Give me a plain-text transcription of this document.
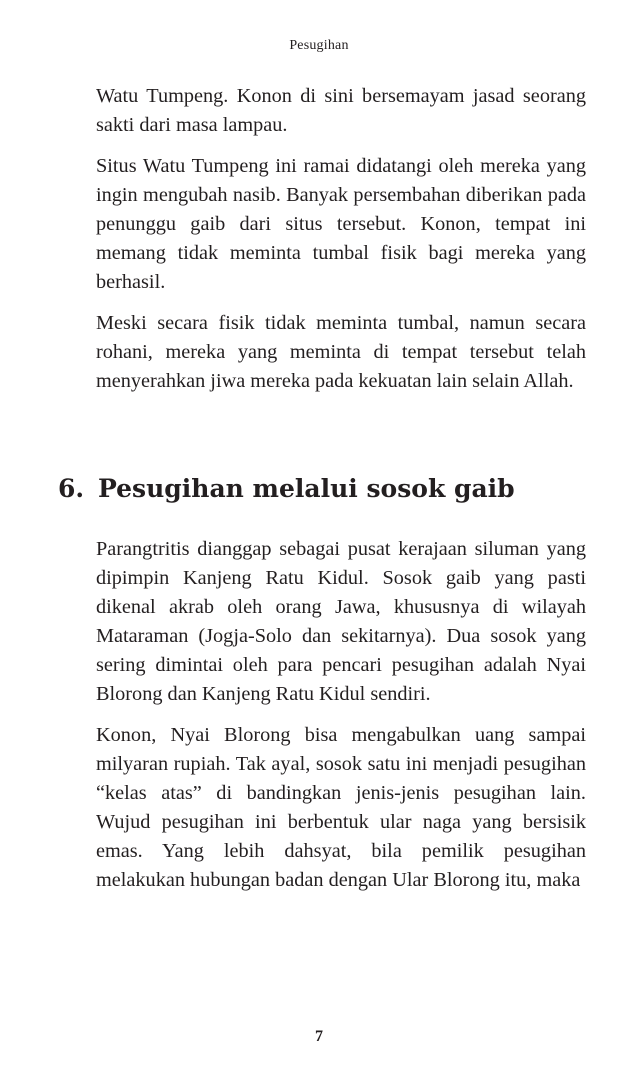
Pesugihan

Watu Tumpeng. Konon di sini bersemayam jasad seorang sakti dari masa lampau.

Situs Watu Tumpeng ini ramai didatangi oleh mereka yang ingin mengubah nasib. Banyak persembahan diberikan pada penunggu gaib dari situs tersebut. Konon, tempat ini memang tidak meminta tumbal fisik bagi mereka yang berhasil.

Meski secara fisik tidak meminta tumbal, namun secara rohani, mereka yang meminta di tempat tersebut telah menyerahkan jiwa mereka pada kekuatan lain selain Allah.

6. Pesugihan melalui sosok gaib

Parangtritis dianggap sebagai pusat kerajaan siluman yang dipimpin Kanjeng Ratu Kidul. Sosok gaib yang pasti dikenal akrab oleh orang Jawa, khususnya di wilayah Mataraman (Jogja-Solo dan sekitarnya). Dua sosok yang sering dimintai oleh para pencari pesugihan adalah Nyai Blorong dan Kanjeng Ratu Kidul sendiri.

Konon, Nyai Blorong bisa mengabulkan uang sampai milyaran rupiah. Tak ayal, sosok satu ini menjadi pesugihan “kelas atas” di bandingkan jenis-jenis pesugihan lain. Wujud pesugihan ini berbentuk ular naga yang bersisik emas. Yang lebih dahsyat, bila pemilik pesugihan melakukan hubungan badan dengan Ular Blorong itu, maka

7
